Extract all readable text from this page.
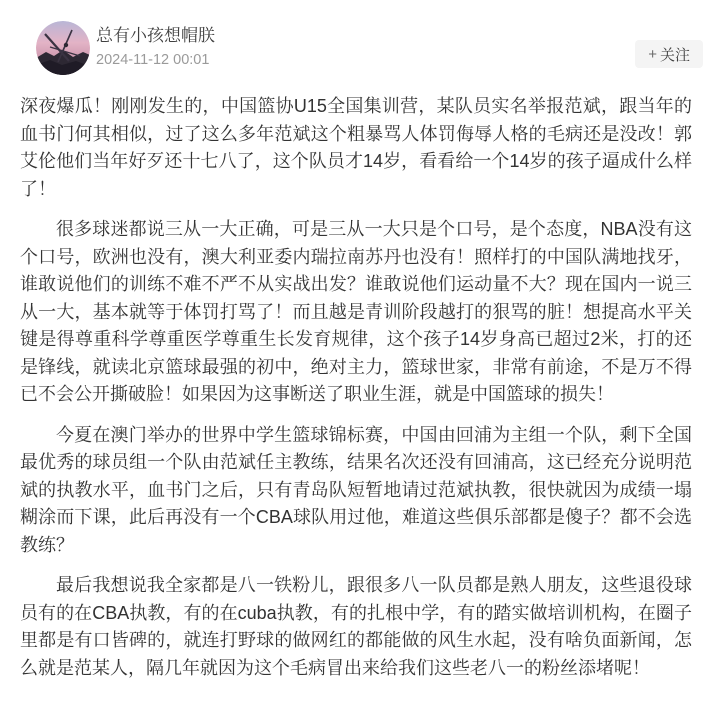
总有小孩想帽朕
2024-11-12 00:01	+ 关注

深夜爆瓜！刚刚发生的，中国篮协U15全国集训营，某队员实名举报范斌，跟当年的血书门何其相似，过了这么多年范斌这个粗暴骂人体罚侮辱人格的毛病还是没改！郭艾伦他们当年好歹还十七八了，这个队员才14岁，看看给一个14岁的孩子逼成什么样了！

很多球迷都说三从一大正确，可是三从一大只是个口号，是个态度，NBA没有这个口号，欧洲也没有，澳大利亚委内瑞拉南苏丹也没有！照样打的中国队满地找牙，谁敢说他们的训练不难不严不从实战出发？谁敢说他们运动量不大？现在国内一说三从一大，基本就等于体罚打骂了！而且越是青训阶段越打的狠骂的脏！想提高水平关键是得尊重科学尊重医学尊重生长发育规律，这个孩子14岁身高已超过2米，打的还是锋线，就读北京篮球最强的初中，绝对主力，篮球世家，非常有前途，不是万不得已不会公开撕破脸！如果因为这事断送了职业生涯，就是中国篮球的损失！

今夏在澳门举办的世界中学生篮球锦标赛，中国由回浦为主组一个队，剩下全国最优秀的球员组一个队由范斌任主教练，结果名次还没有回浦高，这已经充分说明范斌的执教水平，血书门之后，只有青岛队短暂地请过范斌执教，很快就因为成绩一塌糊涂而下课，此后再没有一个CBA球队用过他，难道这些俱乐部都是傻子？都不会选教练？

最后我想说我全家都是八一铁粉儿，跟很多八一队员都是熟人朋友，这些退役球员有的在CBA执教，有的在cuba执教，有的扎根中学，有的踏实做培训机构，在圈子里都是有口皆碑的，就连打野球的做网红的都能做的风生水起，没有啥负面新闻，怎么就是范某人，隔几年就因为这个毛病冒出来给我们这些老八一的粉丝添堵呢！
